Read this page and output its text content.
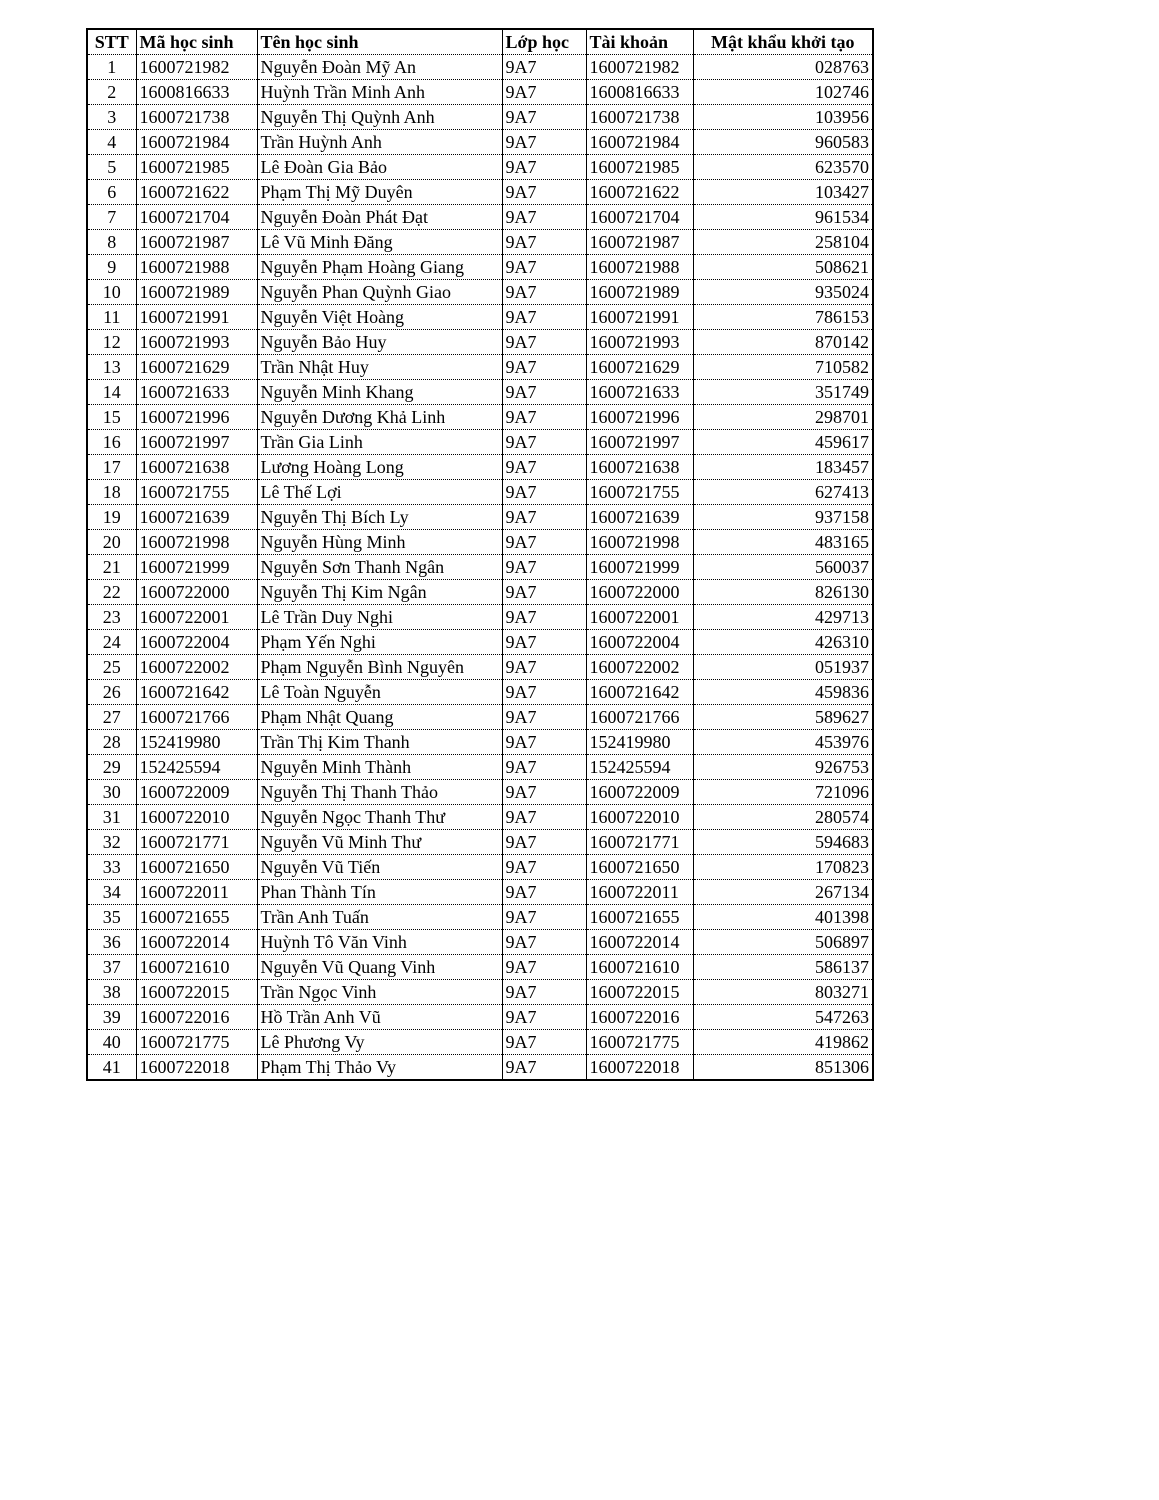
STT	Mã học sinh	Tên học sinh	Lớp học	Tài khoản	Mật khẩu khởi tạo
1	1600721982	Nguyễn Đoàn Mỹ An	9A7	1600721982	028763
2	1600816633	Huỳnh Trần Minh Anh	9A7	1600816633	102746
3	1600721738	Nguyễn Thị Quỳnh Anh	9A7	1600721738	103956
4	1600721984	Trần Huỳnh Anh	9A7	1600721984	960583
5	1600721985	Lê Đoàn Gia Bảo	9A7	1600721985	623570
6	1600721622	Phạm Thị Mỹ Duyên	9A7	1600721622	103427
7	1600721704	Nguyễn Đoàn Phát Đạt	9A7	1600721704	961534
8	1600721987	Lê Vũ Minh Đăng	9A7	1600721987	258104
9	1600721988	Nguyễn Phạm Hoàng Giang	9A7	1600721988	508621
10	1600721989	Nguyễn Phan Quỳnh Giao	9A7	1600721989	935024
11	1600721991	Nguyễn Việt Hoàng	9A7	1600721991	786153
12	1600721993	Nguyễn Bảo Huy	9A7	1600721993	870142
13	1600721629	Trần Nhật Huy	9A7	1600721629	710582
14	1600721633	Nguyễn Minh Khang	9A7	1600721633	351749
15	1600721996	Nguyễn Dương Khả Linh	9A7	1600721996	298701
16	1600721997	Trần Gia Linh	9A7	1600721997	459617
17	1600721638	Lương Hoàng Long	9A7	1600721638	183457
18	1600721755	Lê Thế Lợi	9A7	1600721755	627413
19	1600721639	Nguyễn Thị Bích Ly	9A7	1600721639	937158
20	1600721998	Nguyễn Hùng Minh	9A7	1600721998	483165
21	1600721999	Nguyễn Sơn Thanh Ngân	9A7	1600721999	560037
22	1600722000	Nguyễn Thị Kim Ngân	9A7	1600722000	826130
23	1600722001	Lê Trần Duy Nghi	9A7	1600722001	429713
24	1600722004	Phạm Yến Nghi	9A7	1600722004	426310
25	1600722002	Phạm Nguyễn Bình Nguyên	9A7	1600722002	051937
26	1600721642	Lê Toàn Nguyễn	9A7	1600721642	459836
27	1600721766	Phạm Nhật Quang	9A7	1600721766	589627
28	152419980	Trần Thị Kim Thanh	9A7	152419980	453976
29	152425594	Nguyễn Minh Thành	9A7	152425594	926753
30	1600722009	Nguyễn Thị Thanh Thảo	9A7	1600722009	721096
31	1600722010	Nguyễn Ngọc Thanh Thư	9A7	1600722010	280574
32	1600721771	Nguyễn Vũ Minh Thư	9A7	1600721771	594683
33	1600721650	Nguyễn Vũ Tiến	9A7	1600721650	170823
34	1600722011	Phan Thành Tín	9A7	1600722011	267134
35	1600721655	Trần Anh Tuấn	9A7	1600721655	401398
36	1600722014	Huỳnh Tô Văn Vinh	9A7	1600722014	506897
37	1600721610	Nguyễn Vũ Quang Vinh	9A7	1600721610	586137
38	1600722015	Trần Ngọc Vinh	9A7	1600722015	803271
39	1600722016	Hồ Trần Anh Vũ	9A7	1600722016	547263
40	1600721775	Lê Phương Vy	9A7	1600721775	419862
41	1600722018	Phạm Thị Thảo Vy	9A7	1600722018	851306
